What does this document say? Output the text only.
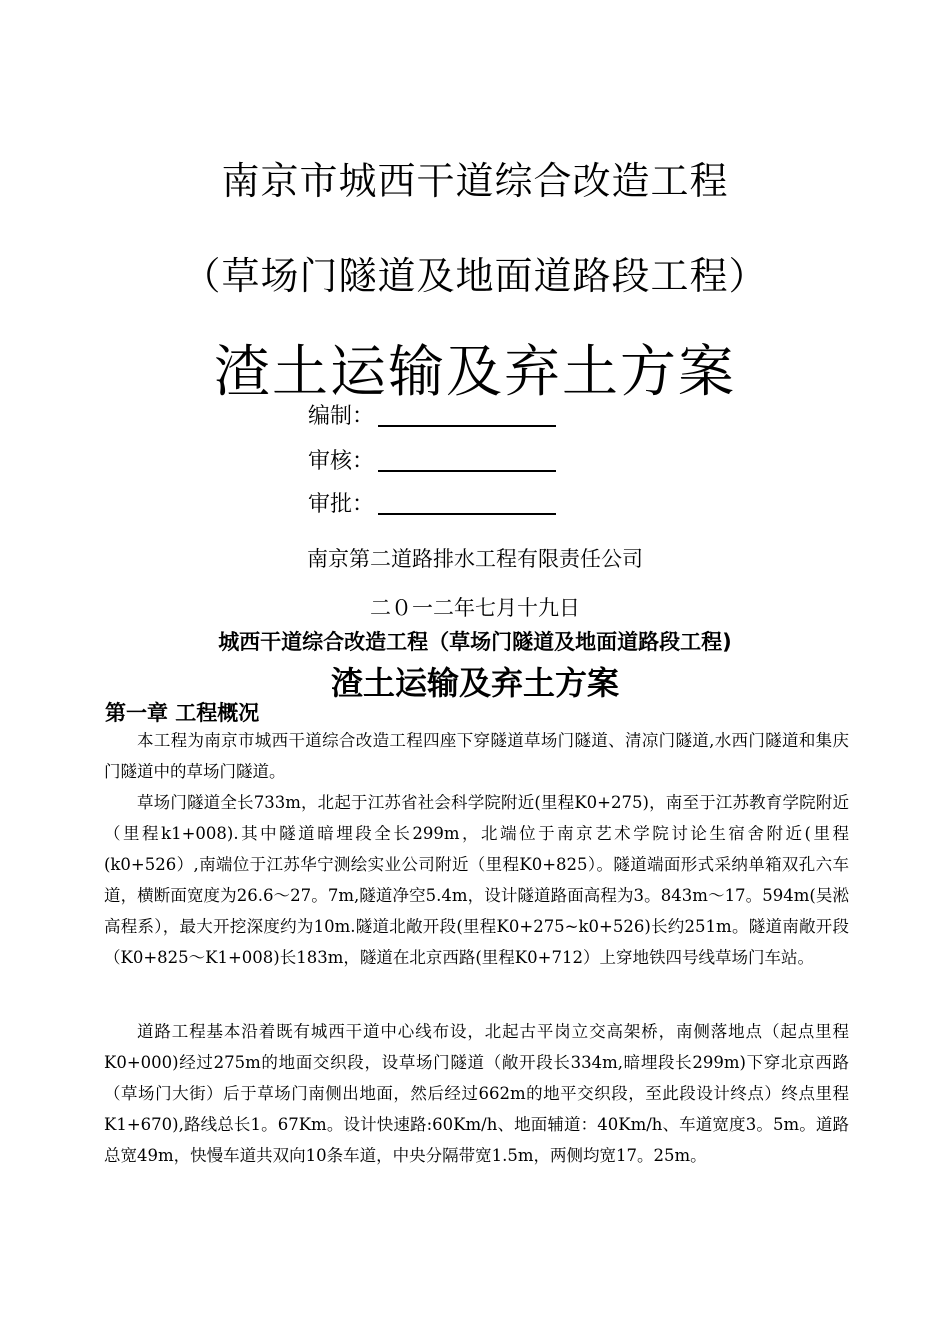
南京市城西干道综合改造工程
（草场门隧道及地面道路段工程）
渣土运输及弃土方案
编制：
审核：
审批：
南京第二道路排水工程有限责任公司
二０一二年七月十九日
城西干道综合改造工程（草场门隧道及地面道路段工程)
渣土运输及弃土方案
第一章 工程概况

本工程为南京市城西干道综合改造工程四座下穿隧道草场门隧道、清凉门隧道,水西门隧道和集庆门隧道中的草场门隧道。

草场门隧道全长733m，北起于江苏省社会科学院附近(里程K0+275)，南至于江苏教育学院附近（里程k1+008).其中隧道暗埋段全长299m，北端位于南京艺术学院讨论生宿舍附近(里程(k0+526）,南端位于江苏华宁测绘实业公司附近（里程K0+825）。隧道端面形式采纳单箱双孔六车道，横断面宽度为26.6～27。7m,隧道净空5.4m，设计隧道路面高程为3。843m～17。594m(吴淞高程系），最大开挖深度约为10m.隧道北敞开段(里程K0+275~k0+526)长约251m。隧道南敞开段（K0+825～K1+008)长183m，隧道在北京西路(里程K0+712）上穿地铁四号线草场门车站。

道路工程基本沿着既有城西干道中心线布设，北起古平岗立交高架桥，南侧落地点（起点里程K0+000)经过275m的地面交织段，设草场门隧道（敞开段长334m,暗埋段长299m)下穿北京西路（草场门大街）后于草场门南侧出地面，然后经过662m的地平交织段，至此段设计终点）终点里程K1+670),路线总长1。67Km。设计快速路:60Km/h、地面辅道：40Km/h、车道宽度3。5m。道路总宽49m，快慢车道共双向10条车道，中央分隔带宽1.5m，两侧均宽17。25m。
